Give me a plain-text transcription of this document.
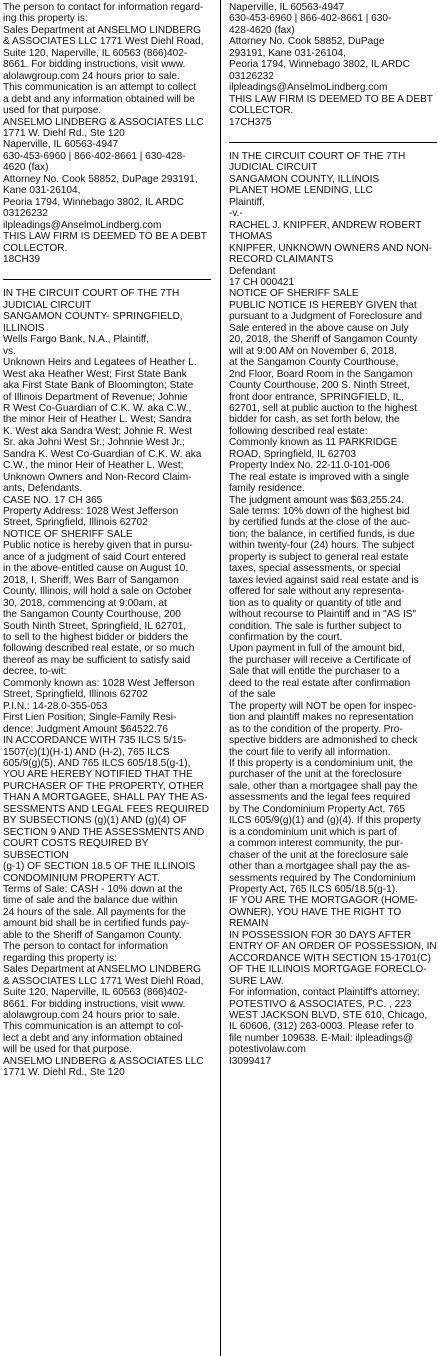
The person to contact for information regard-

ing this property is:

Sales Department at ANSELMO LINDBERG

& ASSOCIATES LLC 1771 West Diehl Road,

Suite 120, Naperville, IL 60563 (866)402-

8661. For bidding instructions, visit www.

alolawgroup.com 24 hours prior to sale.

This communication is an attempt to collect

a debt and any information obtained will be

used for that purpose.

ANSELMO LINDBERG & ASSOCIATES LLC

1771 W. Diehl Rd., Ste 120

Naperville, IL 60563-4947

630-453-6960 | 866-402-8661 | 630-428-

4620 (fax)

Attorney No. Cook 58852, DuPage 293191,

Kane 031-26104,

Peoria 1794, Winnebago 3802, IL ARDC

03126232

ilpleadings@AnselmoLindberg.com

THIS LAW FIRM IS DEEMED TO BE A DEBT

COLLECTOR.

18CH39

IN THE CIRCUIT COURT OF THE 7TH

JUDICIAL CIRCUIT

SANGAMON COUNTY- SPRINGFIELD,

ILLINOIS

Wells Fargo Bank, N.A., Plaintiff,

vs.

Unknown Heirs and Legatees of Heather L.

West aka Heather West; First State Bank

aka First State Bank of Bloomington; State

of Illinois Department of Revenue; Johnie

R West Co-Guardian of C.K. W. aka C.W.,

the minor Heir of Heather L. West; Sandra

K. West aka Sandra West; Johnie R. West

Sr. aka Johni West Sr.; Johnnie West Jr.;

Sandra K. West Co-Guardian of C.K. W. aka

C.W., the minor Heir of Heather L. West;

Unknown Owners and Non-Record Claim-

ants, Defendants.

CASE NO. 17 CH 365

Property Address: 1028 West Jefferson

Street, Springfield, Illinois 62702

NOTICE OF SHERIFF SALE

Public notice is hereby given that in pursu-

ance of a judgment of said Court entered

in the above-entitled cause on August 10,

2018, I, Sheriff, Wes Barr of Sangamon

County, Illinois, will hold a sale on October

30, 2018, commencing at 9:00am, at

the Sangamon County Courthouse, 200

South Ninth Street, Springfield, IL 62701,

to sell to the highest bidder or bidders the

following described real estate, or so much

thereof as may be sufficient to satisfy said

decree, to-wit:

Commonly known as: 1028 West Jefferson

Street, Springfield, Illinois 62702

P.I.N.: 14-28.0-355-053

First Lien Position; Single-Family Resi-

dence; Judgment Amount $64522.76

IN ACCORDANCE WITH 735 ILCS 5/15-

1507(c)(1)(H-1) AND (H-2), 765 ILCS

605/9(g)(5), AND 765 ILCS 605/18.5(g-1),

YOU ARE HEREBY NOTIFIED THAT THE

PURCHASER OF THE PROPERTY, OTHER

THAN A MORTGAGEE, SHALL PAY THE AS-

SESSMENTS AND LEGAL FEES REQUIRED

BY SUBSECTIONS (g)(1) AND (g)(4) OF

SECTION 9 AND THE ASSESSMENTS AND

COURT COSTS REQUIRED BY SUBSECTION

(g-1) OF SECTION 18.5 OF THE ILLINOIS

CONDOMINIUM PROPERTY ACT.

Terms of Sale: CASH - 10% down at the

time of sale and the balance due within

24 hours of the sale. All payments for the

amount bid shall be in certified funds pay-

able to the Sheriff of Sangamon County.

The person to contact for information

regarding this property is:

Sales Department at ANSELMO LINDBERG

& ASSOCIATES LLC 1771 West Diehl Road,

Suite 120, Naperville, IL 60563 (866)402-

8661. For bidding instructions, visit www.

alolawgroup.com 24 hours prior to sale.

This communication is an attempt to col-

lect a debt and any information obtained

will be used for that purpose.

ANSELMO LINDBERG & ASSOCIATES LLC

1771 W. Diehl Rd., Ste 120

Naperville, IL 60563-4947

630-453-6960 | 866-402-8661 | 630-

428-4620 (fax)

Attorney No. Cook 58852, DuPage

293191, Kane 031-26104,

Peoria 1794, Winnebago 3802, IL ARDC

03126232

ilpleadings@AnselmoLindberg.com

THIS LAW FIRM IS DEEMED TO BE A DEBT

COLLECTOR.

17CH375

IN THE CIRCUIT COURT OF THE 7TH

JUDICIAL CIRCUIT

SANGAMON COUNTY, ILLINOIS

PLANET HOME LENDING, LLC

Plaintiff,

-v.-

RACHEL J. KNIPFER, ANDREW ROBERT

THOMAS

KNIPFER, UNKNOWN OWNERS AND NON-

RECORD CLAIMANTS

Defendant

17 CH 000421

NOTICE OF SHERIFF SALE

PUBLIC NOTICE IS HEREBY GIVEN that

pursuant to a Judgment of Foreclosure and

Sale entered in the above cause on July

20, 2018, the Sheriff of Sangamon County

will at 9:00 AM on November 6, 2018,

at the Sangamon County Courthouse,

2nd Floor, Board Room in the Sangamon

County Courthouse, 200 S. Ninth Street,

front door entrance, SPRINGFIELD, IL,

62701, sell at public auction to the highest

bidder for cash, as set forth below, the

following described real estate:

Commonly known as 11 PARKRIDGE

ROAD, Springfield, IL 62703

Property Index No. 22-11.0-101-006

The real estate is improved with a single

family residence.

The judgment amount was $63,255.24.

Sale terms: 10% down of the highest bid

by certified funds at the close of the auc-

tion; the balance, in certified funds, is due

within twenty-four (24) hours. The subject

property is subject to general real estate

taxes, special assessments, or special

taxes levied against said real estate and is

offered for sale without any representa-

tion as to quality or quantity of title and

without recourse to Plaintiff and in "AS IS"

condition. The sale is further subject to

confirmation by the court.

Upon payment in full of the amount bid,

the purchaser will receive a Certificate of

Sale that will entitle the purchaser to a

deed to the real estate after confirmation

of the sale

The property will NOT be open for inspec-

tion and plaintiff makes no representation

as to the condition of the property. Pro-

spective bidders are admonished to check

the court file to verify all information.

If this property is a condominium unit, the

purchaser of the unit at the foreclosure

sale, other than a mortgagee shall pay the

assessments and the legal fees required

by The Condominium Property Act, 765

ILCS 605/9(g)(1) and (g)(4). If this property

is a condominium unit which is part of

a common interest community, the pur-

chaser of the unit at the foreclosure sale

other than a mortgagee shall pay the as-

sessments required by The Condominium

Property Act, 765 ILCS 605/18.5(g-1).

IF YOU ARE THE MORTGAGOR (HOME-

OWNER), YOU HAVE THE RIGHT TO REMAIN

IN POSSESSION FOR 30 DAYS AFTER

ENTRY OF AN ORDER OF POSSESSION, IN

ACCORDANCE WITH SECTION 15-1701(C)

OF THE ILLINOIS MORTGAGE FORECLO-

SURE LAW.

For information, contact Plaintiff's attorney:

POTESTIVO & ASSOCIATES, P.C. , 223

WEST JACKSON BLVD, STE 610, Chicago,

IL 60606, (312) 263-0003. Please refer to

file number 109638. E-Mail: ilpleadings@

potestivolaw.com

I3099417
